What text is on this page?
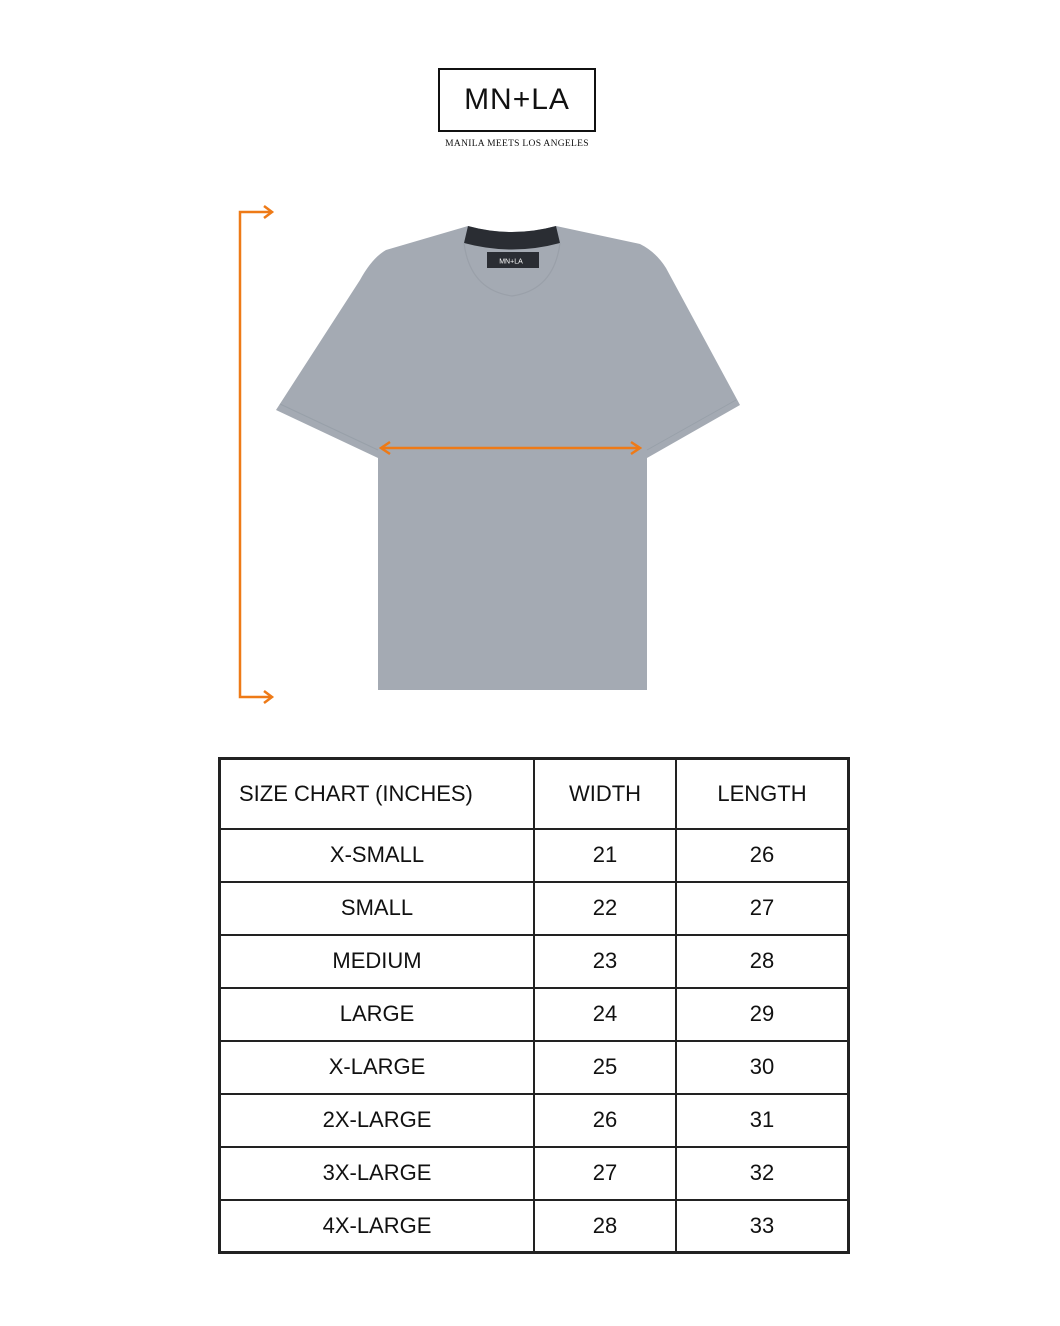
MN+LA
MANILA MEETS LOS ANGELES
MN+LA
SIZE CHART (INCHES)	WIDTH	LENGTH
X-SMALL	21	26
SMALL	22	27
MEDIUM	23	28
LARGE	24	29
X-LARGE	25	30
2X-LARGE	26	31
3X-LARGE	27	32
4X-LARGE	28	33
